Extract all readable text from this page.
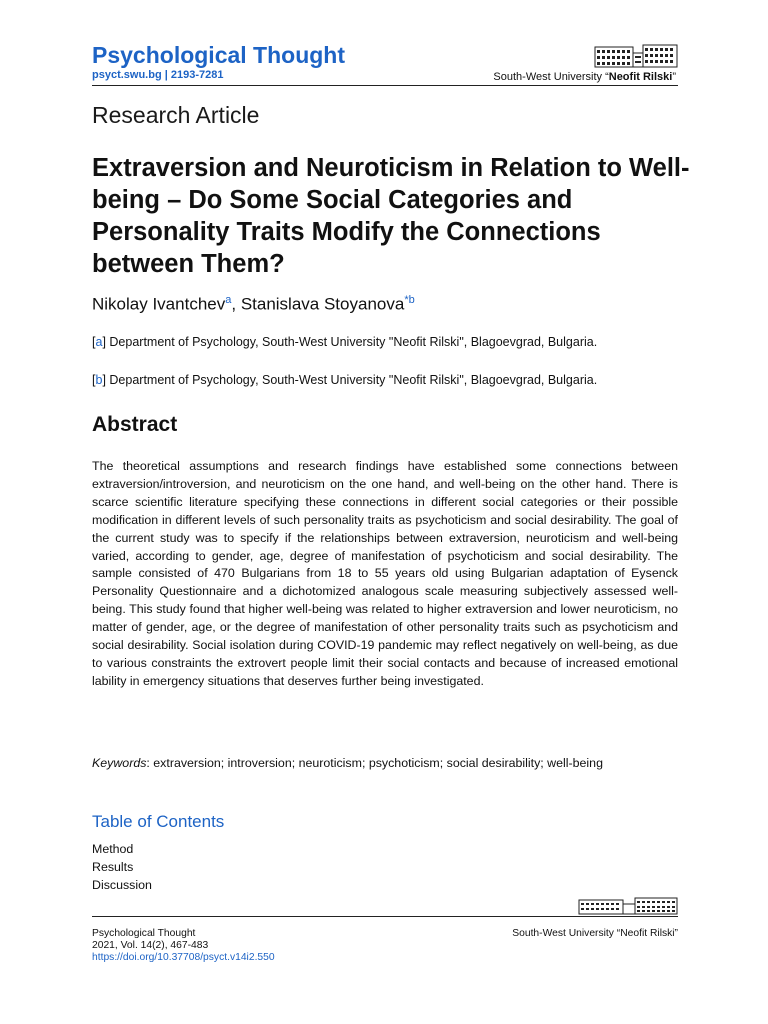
Psychological Thought
psyct.swu.bg | 2193-7281	South-West University “Neofit Rilski”
Research Article
Extraversion and Neuroticism in Relation to Well-being – Do Some Social Categories and Personality Traits Modify the Connections between Them?
Nikolay Ivantchev$^a$, Stanislava Stoyanova$^{*b}$
[a] Department of Psychology, South-West University "Neofit Rilski", Blagoevgrad, Bulgaria.
[b] Department of Psychology, South-West University "Neofit Rilski", Blagoevgrad, Bulgaria.
Abstract

The theoretical assumptions and research findings have established some connections between extraversion/introversion, and neuroticism on the one hand, and well-being on the other hand. There is scarce scientific literature specifying these connections in different social categories or their possible modification in different levels of such personality traits as psychoticism and social desirability. The goal of the current study was to specify if the relationships between extraversion, neuroticism and well-being varied, according to gender, age, degree of manifestation of psychoticism and social desirability. The sample consisted of 470 Bulgarians from 18 to 55 years old using Bulgarian adaptation of Eysenck Personality Questionnaire and a dichotomized analogous scale measuring subjectively assessed well-being. This study found that higher well-being was related to higher extraversion and lower neuroticism, no matter of gender, age, or the degree of manifestation of other personality traits such as psychoticism and social desirability. Social isolation during COVID-19 pandemic may reflect negatively on well-being, as due to various constraints the extrovert people limit their social contacts and because of increased emotional lability in emergency situations that deserves further being investigated.

Keywords: extraversion; introversion; neuroticism; psychoticism; social desirability; well-being

Table of Contents
Method
Results
Discussion
Psychological Thought
2021, Vol. 14(2), 467-483
https://doi.org/10.37708/psyct.v14i2.550
South-West University “Neofit Rilski”
